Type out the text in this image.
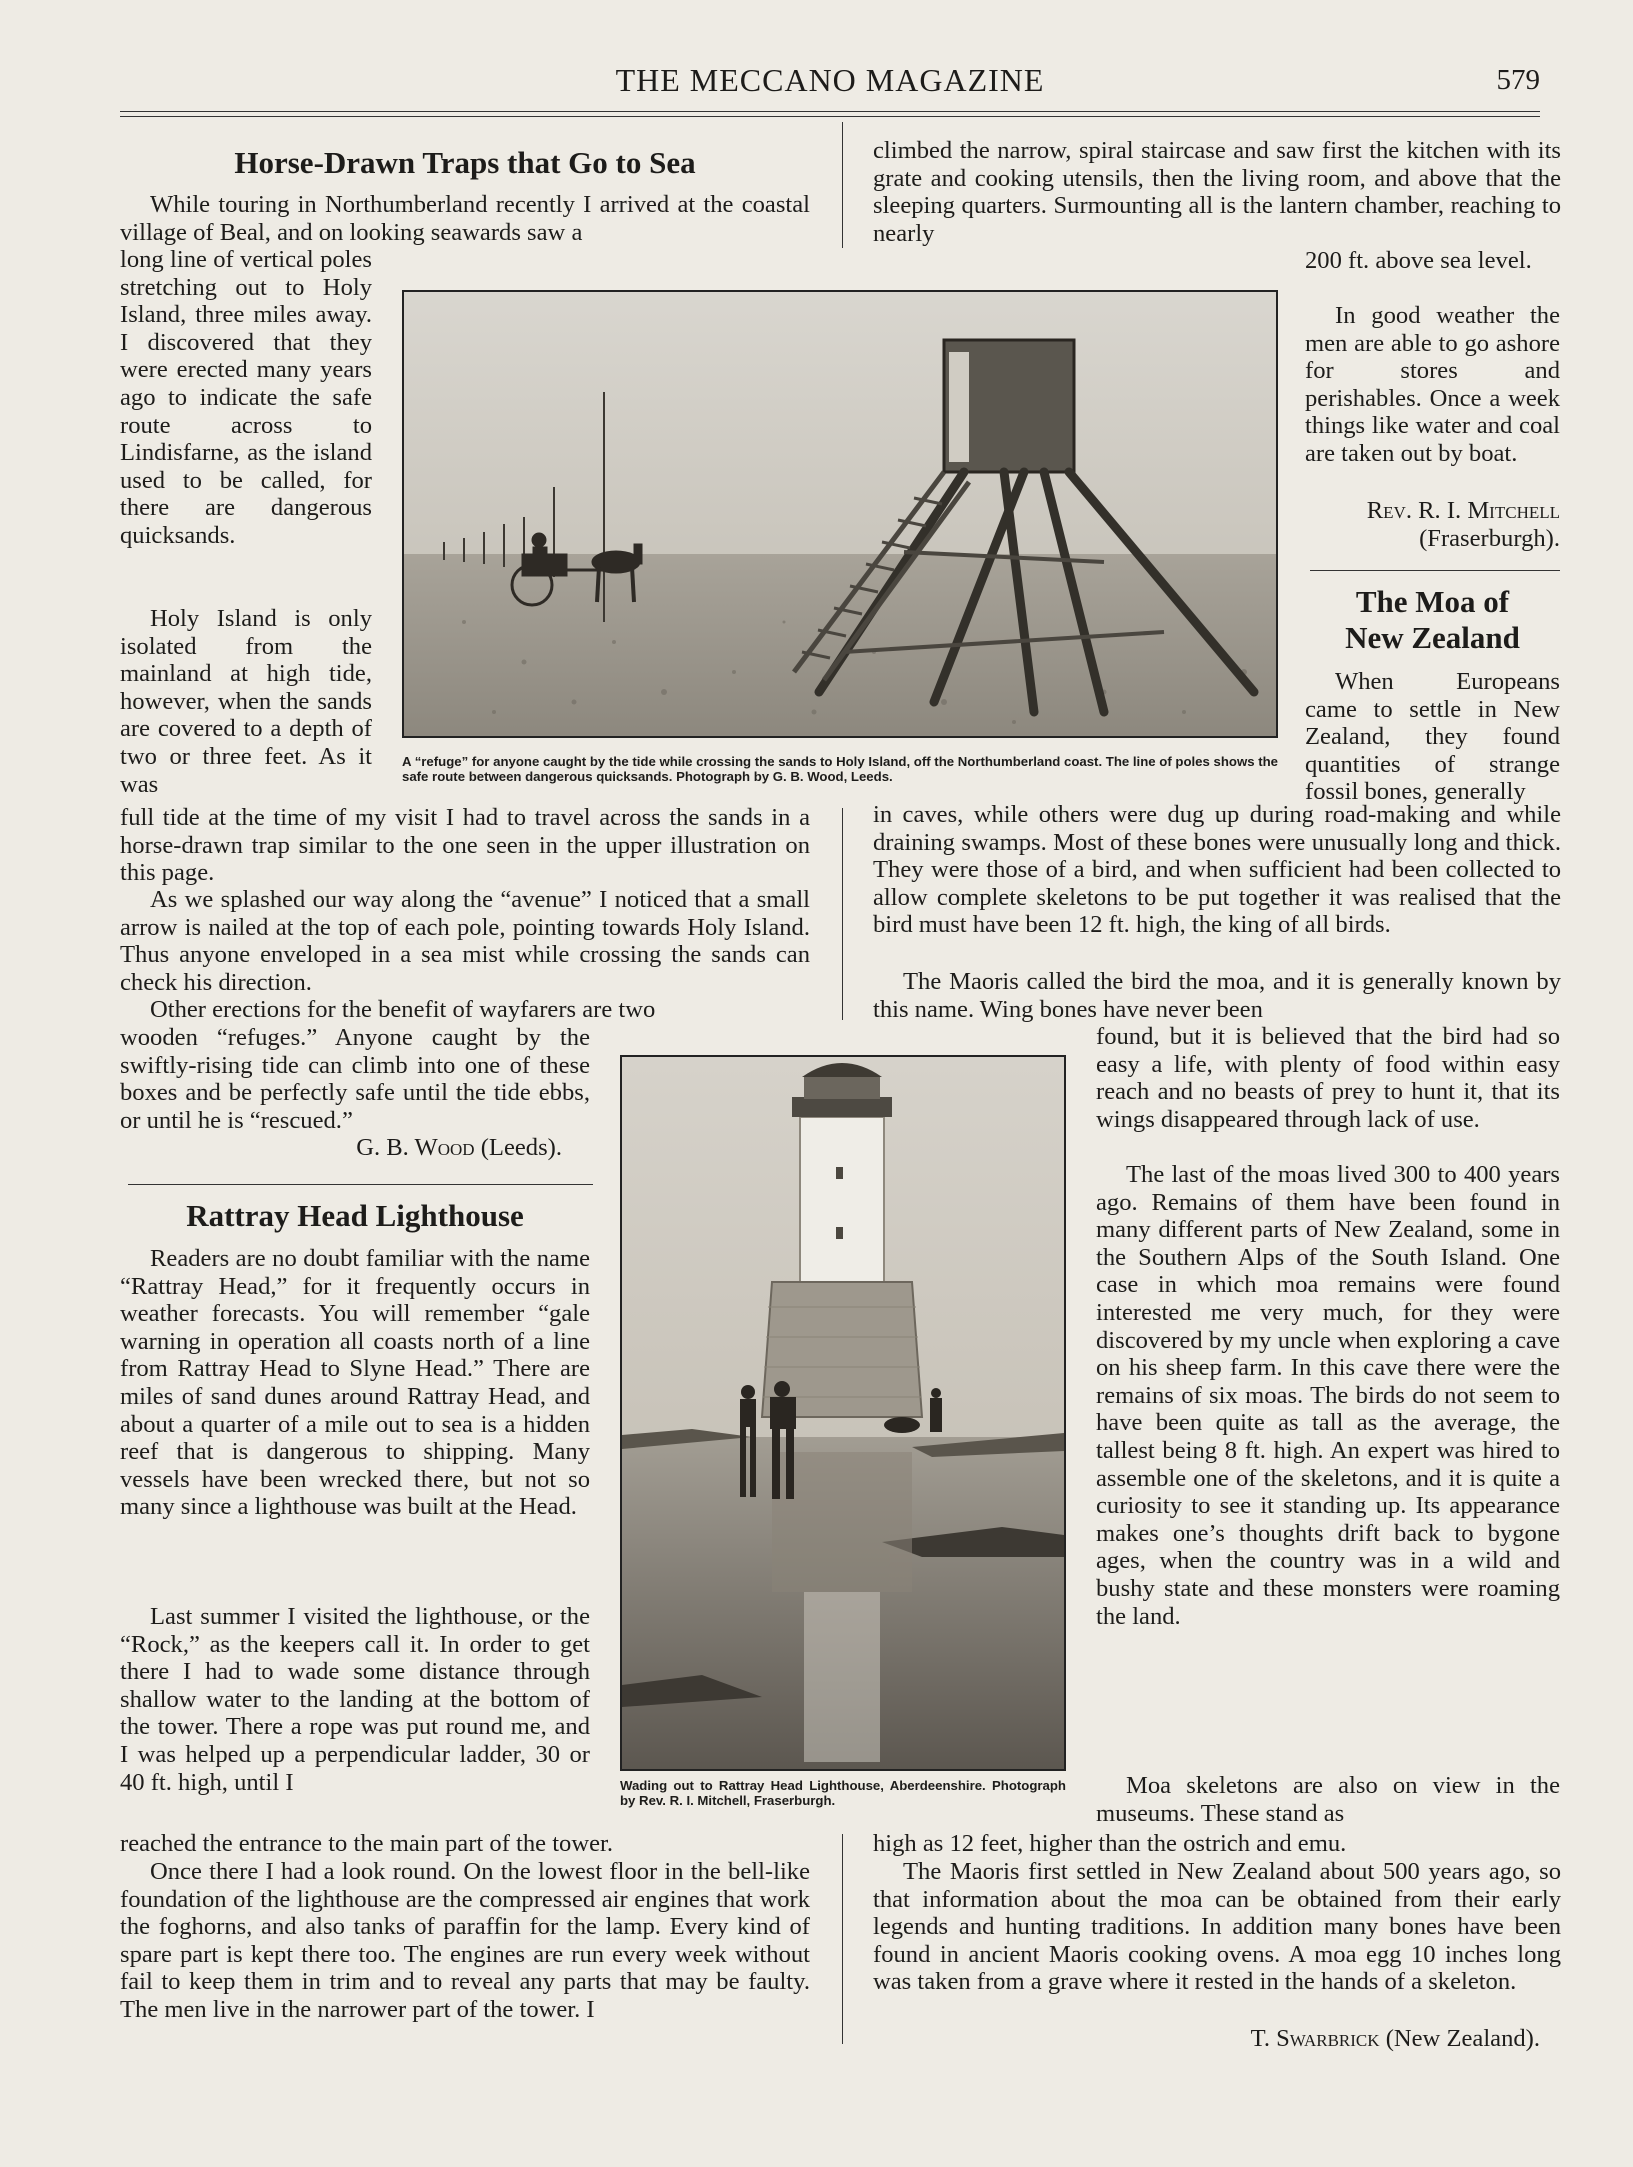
THE MECCANO MAGAZINE	579
Horse-Drawn Traps that Go to Sea

While touring in Northumberland recently I arrived at the coastal village of Beal, and on looking seawards saw a

long line of vertical poles stretching out to Holy Island, three miles away. I discovered that they were erected many years ago to indicate the safe route across to Lindisfarne, as the island used to be called, for there are dangerous quicksands.

Holy Island is only isolated from the mainland at high tide, however, when the sands are covered to a depth of two or three feet. As it was

full tide at the time of my visit I had to travel across the sands in a horse-drawn trap similar to the one seen in the upper illustration on this page.

As we splashed our way along the “avenue” I noticed that a small arrow is nailed at the top of each pole, pointing towards Holy Island. Thus anyone enveloped in a sea mist while crossing the sands can check his direction.

Other erections for the benefit of wayfarers are two

wooden “refuges.” Anyone caught by the swiftly-rising tide can climb into one of these boxes and be perfectly safe until the tide ebbs, or until he is “rescued.”

G. B. Wood (Leeds).
Rattray Head Lighthouse

Readers are no doubt familiar with the name “Rattray Head,” for it frequently occurs in weather forecasts. You will remember “gale warning in operation all coasts north of a line from Rattray Head to Slyne Head.” There are miles of sand dunes around Rattray Head, and about a quarter of a mile out to sea is a hidden reef that is dangerous to shipping. Many vessels have been wrecked there, but not so many since a lighthouse was built at the Head.

Last summer I visited the lighthouse, or the “Rock,” as the keepers call it. In order to get there I had to wade some distance through shallow water to the landing at the bottom of the tower. There a rope was put round me, and I was helped up a perpendicular ladder, 30 or 40 ft. high, until I

reached the entrance to the main part of the tower.

Once there I had a look round. On the lowest floor in the bell-like foundation of the lighthouse are the compressed air engines that work the foghorns, and also tanks of paraffin for the lamp. Every kind of spare part is kept there too. The engines are run every week without fail to keep them in trim and to reveal any parts that may be faulty. The men live in the narrower part of the tower. I

climbed the narrow, spiral staircase and saw first the kitchen with its grate and cooking utensils, then the living room, and above that the sleeping quarters. Surmounting all is the lantern chamber, reaching to nearly

200 ft. above sea level.

In good weather the men are able to go ashore for stores and perishables. Once a week things like water and coal are taken out by boat.

Rev. R. I. Mitchell
(Fraserburgh).
The Moa of
New Zealand

When Europeans came to settle in New Zealand, they found quantities of strange fossil bones, generally

in caves, while others were dug up during road-making and while draining swamps. Most of these bones were unusually long and thick. They were those of a bird, and when sufficient had been collected to allow complete skeletons to be put together it was realised that the bird must have been 12 ft. high, the king of all birds.

The Maoris called the bird the moa, and it is generally known by this name. Wing bones have never been

found, but it is believed that the bird had so easy a life, with plenty of food within easy reach and no beasts of prey to hunt it, that its wings disappeared through lack of use.

The last of the moas lived 300 to 400 years ago. Remains of them have been found in many different parts of New Zealand, some in the Southern Alps of the South Island. One case in which moa remains were found interested me very much, for they were discovered by my uncle when exploring a cave on his sheep farm. In this cave there were the remains of six moas. The birds do not seem to have been quite as tall as the average, the tallest being 8 ft. high. An expert was hired to assemble one of the skeletons, and it is quite a curiosity to see it standing up. Its appearance makes one’s thoughts drift back to bygone ages, when the country was in a wild and bushy state and these monsters were roaming the land.

Moa skeletons are also on view in the museums. These stand as

high as 12 feet, higher than the ostrich and emu.

The Maoris first settled in New Zealand about 500 years ago, so that information about the moa can be obtained from their early legends and hunting traditions. In addition many bones have been found in ancient Maoris cooking ovens. A moa egg 10 inches long was taken from a grave where it rested in the hands of a skeleton.

T. Swarbrick (New Zealand).
A “refuge” for anyone caught by the tide while crossing the sands to Holy Island, off the Northumberland coast. The line of poles shows the safe route between dangerous quicksands. Photograph by G. B. Wood, Leeds.
Wading out to Rattray Head Lighthouse, Aberdeenshire. Photograph by Rev. R. I. Mitchell, Fraserburgh.
